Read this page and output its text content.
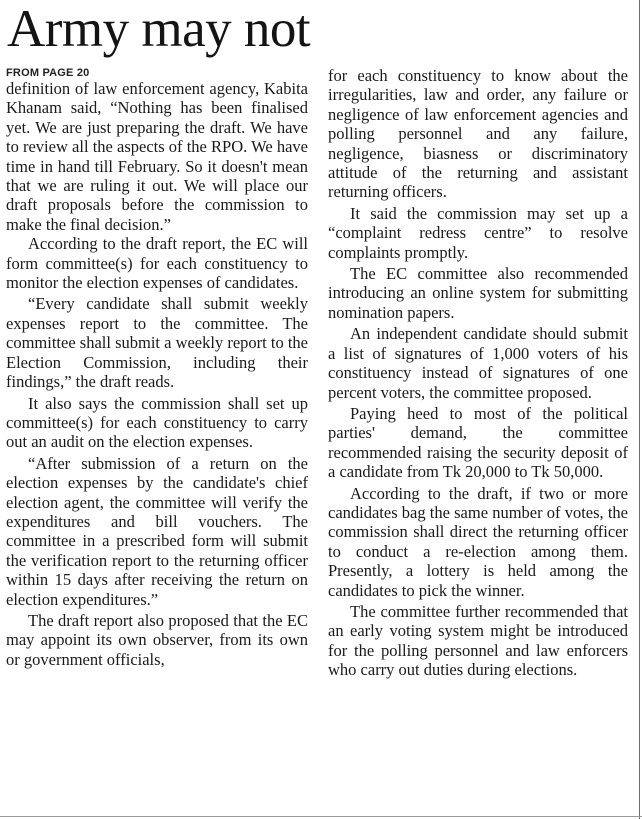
Army may not
FROM PAGE 20

definition of law enforcement agency, Kabita Khanam said, “Nothing has been finalised yet. We are just preparing the draft. We have to review all the aspects of the RPO. We have time in hand till February. So it doesn't mean that we are ruling it out. We will place our draft proposals before the commission to make the final decision.”

According to the draft report, the EC will form committee(s) for each constituency to monitor the election expenses of candidates.

“Every candidate shall submit weekly expenses report to the committee. The committee shall submit a weekly report to the Election Commission, including their findings,” the draft reads.

It also says the commission shall set up committee(s) for each constituency to carry out an audit on the election expenses.

“After submission of a return on the election expenses by the candidate's chief election agent, the committee will verify the expenditures and bill vouchers. The committee in a prescribed form will submit the verification report to the returning officer within 15 days after receiving the return on election expenditures.”

The draft report also proposed that the EC may appoint its own observer, from its own or government officials,

for each constituency to know about the irregularities, law and order, any failure or negligence of law enforcement agencies and polling personnel and any failure, negligence, biasness or discriminatory attitude of the returning and assistant returning officers.

It said the commission may set up a “complaint redress centre” to resolve complaints promptly.

The EC committee also recommended introducing an online system for submitting nomination papers.

An independent candidate should submit a list of signatures of 1,000 voters of his constituency instead of signatures of one percent voters, the committee proposed.

Paying heed to most of the political parties' demand, the committee recommended raising the security deposit of a candidate from Tk 20,000 to Tk 50,000.

According to the draft, if two or more candidates bag the same number of votes, the commission shall direct the returning officer to conduct a re-election among them. Presently, a lottery is held among the candidates to pick the winner.

The committee further recommended that an early voting system might be introduced for the polling personnel and law enforcers who carry out duties during elections.
